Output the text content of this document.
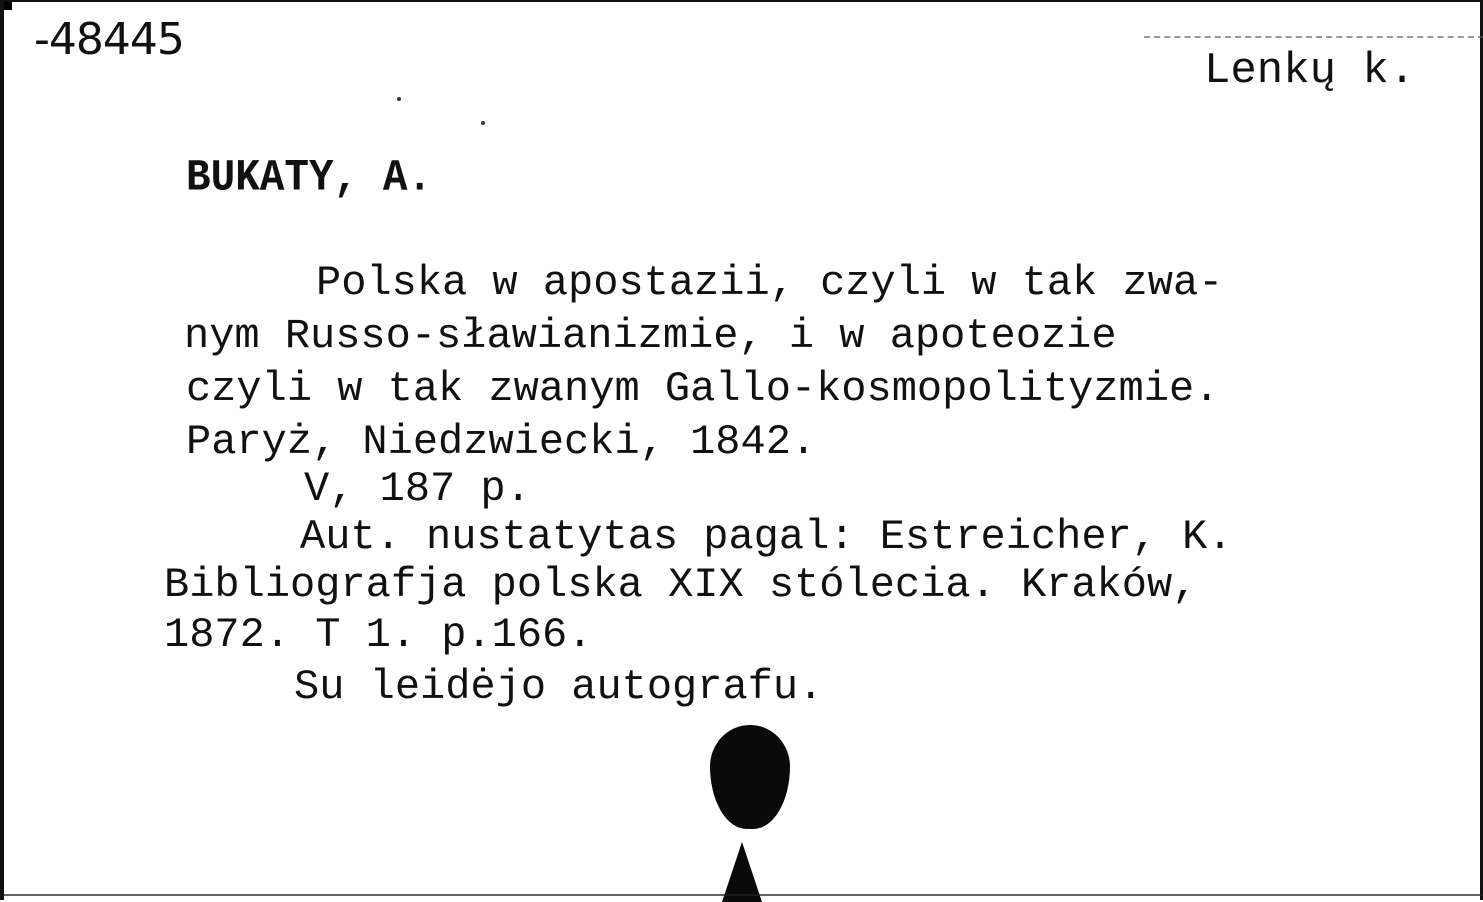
-48445
Lenkų k.
BUKATY, A.
Polska w apostazii, czyli w tak zwa-
nym Russo-sławianizmie, i w apoteozie
czyli w tak zwanym Gallo-kosmopolityzmie.
Paryż, Niedzwiecki, 1842.
V, 187 p.
Aut. nustatytas pagal: Estreicher, K.
Bibliografja polska XIX stólecia. Kraków,
1872. T 1. p.166.
Su leidėjo autografu.
